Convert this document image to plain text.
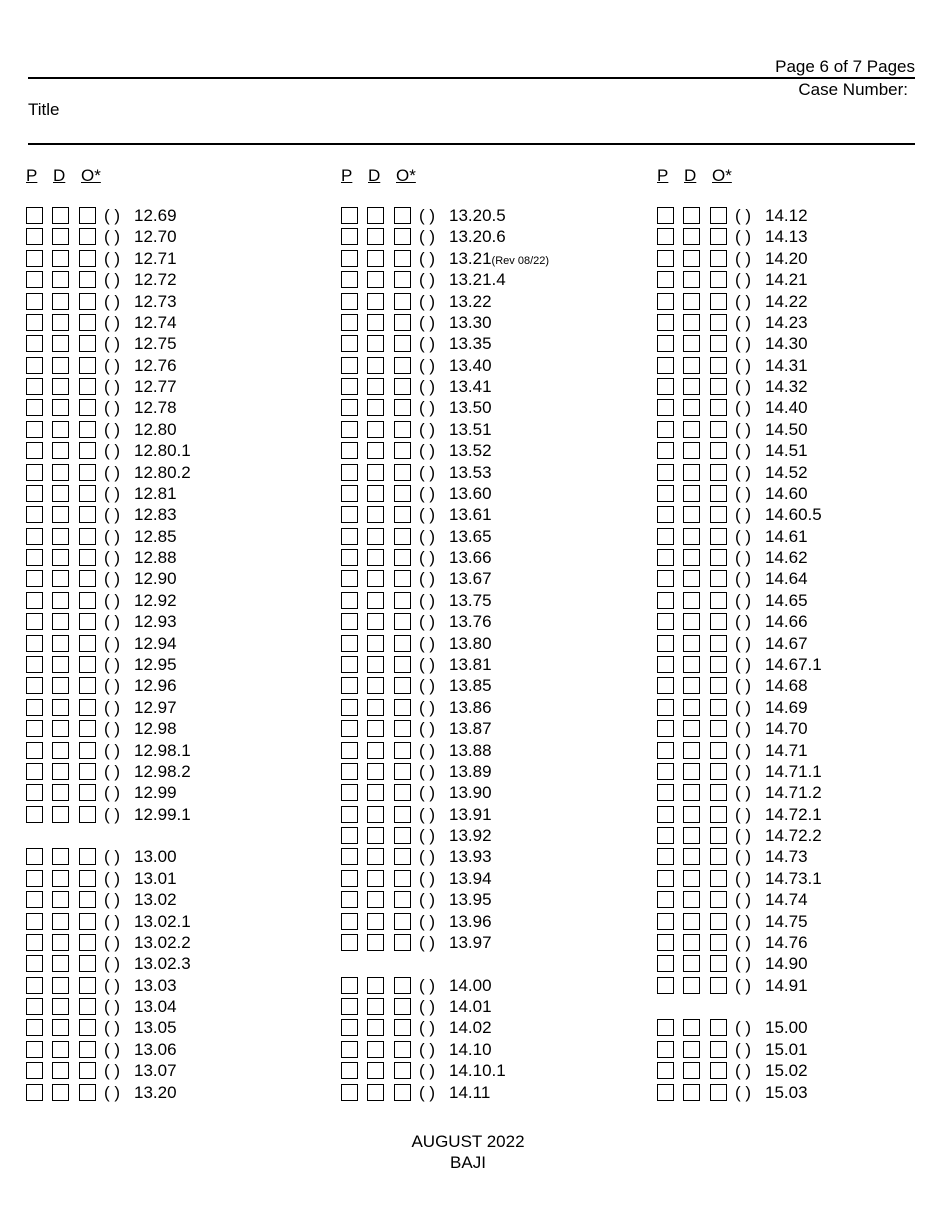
Page 6 of 7 Pages
Case Number:
Title
P D O*
( ) 12.69
( ) 12.70
( ) 12.71
( ) 12.72
( ) 12.73
( ) 12.74
( ) 12.75
( ) 12.76
( ) 12.77
( ) 12.78
( ) 12.80
( ) 12.80.1
( ) 12.80.2
( ) 12.81
( ) 12.83
( ) 12.85
( ) 12.88
( ) 12.90
( ) 12.92
( ) 12.93
( ) 12.94
( ) 12.95
( ) 12.96
( ) 12.97
( ) 12.98
( ) 12.98.1
( ) 12.98.2
( ) 12.99
( ) 12.99.1
( ) 13.00
( ) 13.01
( ) 13.02
( ) 13.02.1
( ) 13.02.2
( ) 13.02.3
( ) 13.03
( ) 13.04
( ) 13.05
( ) 13.06
( ) 13.07
( ) 13.20
P D O*
( ) 13.20.5
( ) 13.20.6
( ) 13.21(Rev 08/22)
( ) 13.21.4
( ) 13.22
( ) 13.30
( ) 13.35
( ) 13.40
( ) 13.41
( ) 13.50
( ) 13.51
( ) 13.52
( ) 13.53
( ) 13.60
( ) 13.61
( ) 13.65
( ) 13.66
( ) 13.67
( ) 13.75
( ) 13.76
( ) 13.80
( ) 13.81
( ) 13.85
( ) 13.86
( ) 13.87
( ) 13.88
( ) 13.89
( ) 13.90
( ) 13.91
( ) 13.92
( ) 13.93
( ) 13.94
( ) 13.95
( ) 13.96
( ) 13.97
( ) 14.00
( ) 14.01
( ) 14.02
( ) 14.10
( ) 14.10.1
( ) 14.11
P D O*
( ) 14.12
( ) 14.13
( ) 14.20
( ) 14.21
( ) 14.22
( ) 14.23
( ) 14.30
( ) 14.31
( ) 14.32
( ) 14.40
( ) 14.50
( ) 14.51
( ) 14.52
( ) 14.60
( ) 14.60.5
( ) 14.61
( ) 14.62
( ) 14.64
( ) 14.65
( ) 14.66
( ) 14.67
( ) 14.67.1
( ) 14.68
( ) 14.69
( ) 14.70
( ) 14.71
( ) 14.71.1
( ) 14.71.2
( ) 14.72.1
( ) 14.72.2
( ) 14.73
( ) 14.73.1
( ) 14.74
( ) 14.75
( ) 14.76
( ) 14.90
( ) 14.91
( ) 15.00
( ) 15.01
( ) 15.02
( ) 15.03
AUGUST 2022
BAJI
